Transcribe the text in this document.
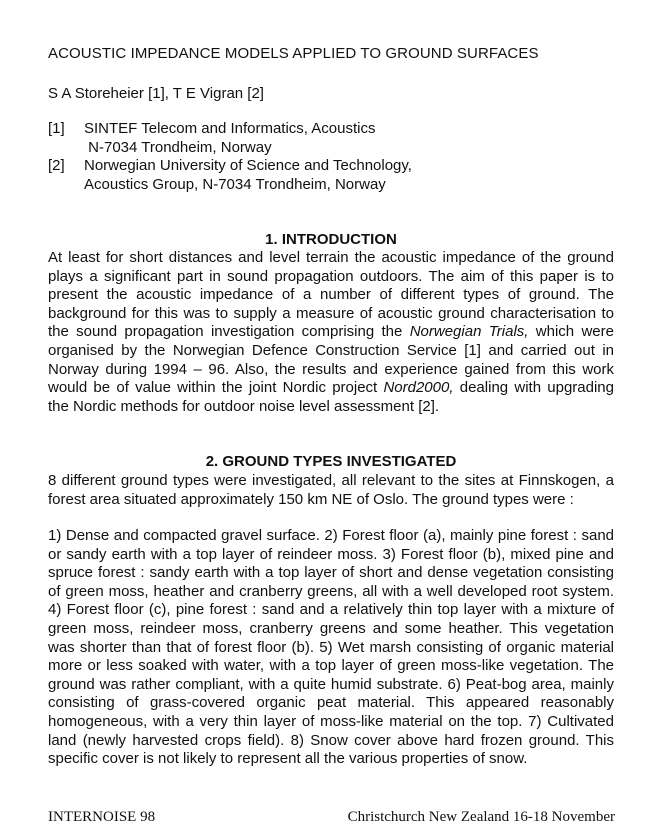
ACOUSTIC IMPEDANCE MODELS APPLIED TO GROUND SURFACES
S A Storeheier [1], T E Vigran [2]
[1]	SINTEF Telecom and Informatics, Acoustics
N-7034 Trondheim, Norway
[2]	Norwegian University of Science and Technology,
Acoustics Group, N-7034 Trondheim, Norway
1. INTRODUCTION
At least for short distances and level terrain the acoustic impedance of the ground plays a significant part in sound propagation outdoors. The aim of this paper is to present the acoustic impedance of a number of different types of ground. The background for this was to supply a measure of acoustic ground characterisation to the sound propagation investigation comprising the Norwegian Trials, which were organised by the Norwegian Defence Construction Service [1] and carried out in Norway during 1994 – 96. Also, the results and experience gained from this work would be of value within the joint Nordic project Nord2000, dealing with upgrading the Nordic methods for outdoor noise level assessment [2].
2. GROUND TYPES INVESTIGATED
8 different ground types were investigated, all relevant to the sites at Finnskogen, a forest area situated approximately 150 km NE of Oslo. The ground types were :
1) Dense and compacted gravel surface. 2) Forest floor (a), mainly pine forest : sand or sandy earth with a top layer of reindeer moss. 3) Forest floor (b), mixed pine and spruce forest : sandy earth with a top layer of short and dense vegetation consisting of green moss, heather and cranberry greens, all with a well developed root system. 4) Forest floor (c), pine forest : sand and a relatively thin top layer with a mixture of green moss, reindeer moss, cranberry greens and some heather. This vegetation was shorter than that of forest floor (b). 5) Wet marsh consisting of organic material more or less soaked with water, with a top layer of green moss-like vegetation. The ground was rather compliant, with a quite humid substrate. 6) Peat-bog area, mainly consisting of grass-covered organic peat material. This appeared reasonably homogeneous, with a very thin layer of moss-like material on the top. 7) Cultivated land (newly harvested crops field). 8) Snow cover above hard frozen ground. This specific cover is not likely to represent all the various properties of snow.
INTERNOISE 98	Christchurch New Zealand 16-18 November
